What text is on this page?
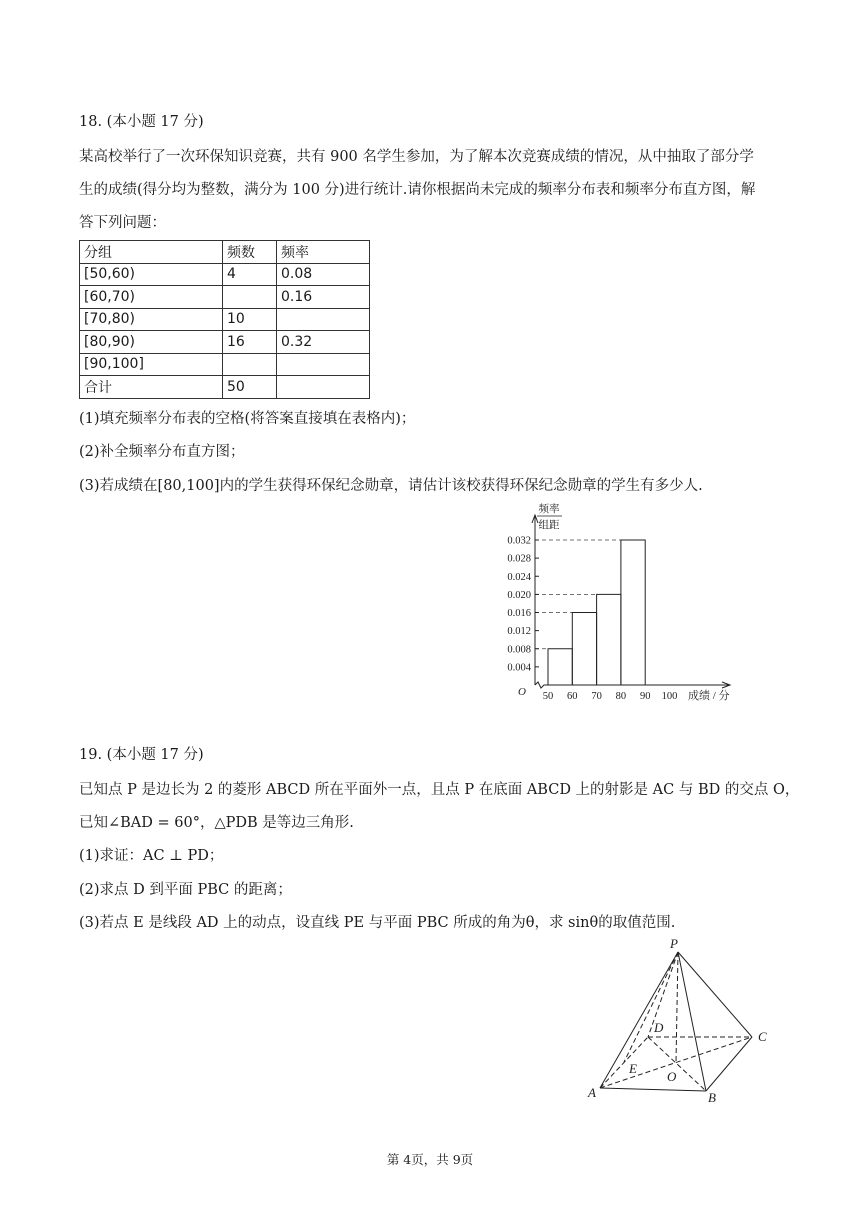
18. (本小题 17 分)
某高校举行了一次环保知识竞赛，共有 900 名学生参加，为了解本次竞赛成绩的情况，从中抽取了部分学
生的成绩(得分均为整数，满分为 100 分)进行统计.请你根据尚未完成的频率分布表和频率分布直方图，解
答下列问题：
分组	频数	频率
[50,60)	4	0.08
[60,70)		0.16
[70,80)	10	
[80,90)	16	0.32
[90,100]		
合计	50	
(1)填充频率分布表的空格(将答案直接填在表格内)；
(2)补全频率分布直方图；
(3)若成绩在[80,100]内的学生获得环保纪念勋章，请估计该校获得环保纪念勋章的学生有多少人.
0.004
0.008
0.012
0.016
0.020
0.024
0.028
0.032
50 60 70 80 90 100
O	成绩 / 分
频率
组距
19. (本小题 17 分)
已知点 P 是边长为 2 的菱形 ABCD 所在平面外一点，且点 P 在底面 ABCD 上的射影是 AC 与 BD 的交点 O，
已知∠BAD = 60°，△PDB 是等边三角形.
(1)求证：AC ⊥ PD；
(2)求点 D 到平面 PBC 的距离；
(3)若点 E 是线段 AD 上的动点，设直线 PE 与平面 PBC 所成的角为θ，求 sinθ的取值范围.
P
A	B
C
D
E
O
第 4页，共 9页
